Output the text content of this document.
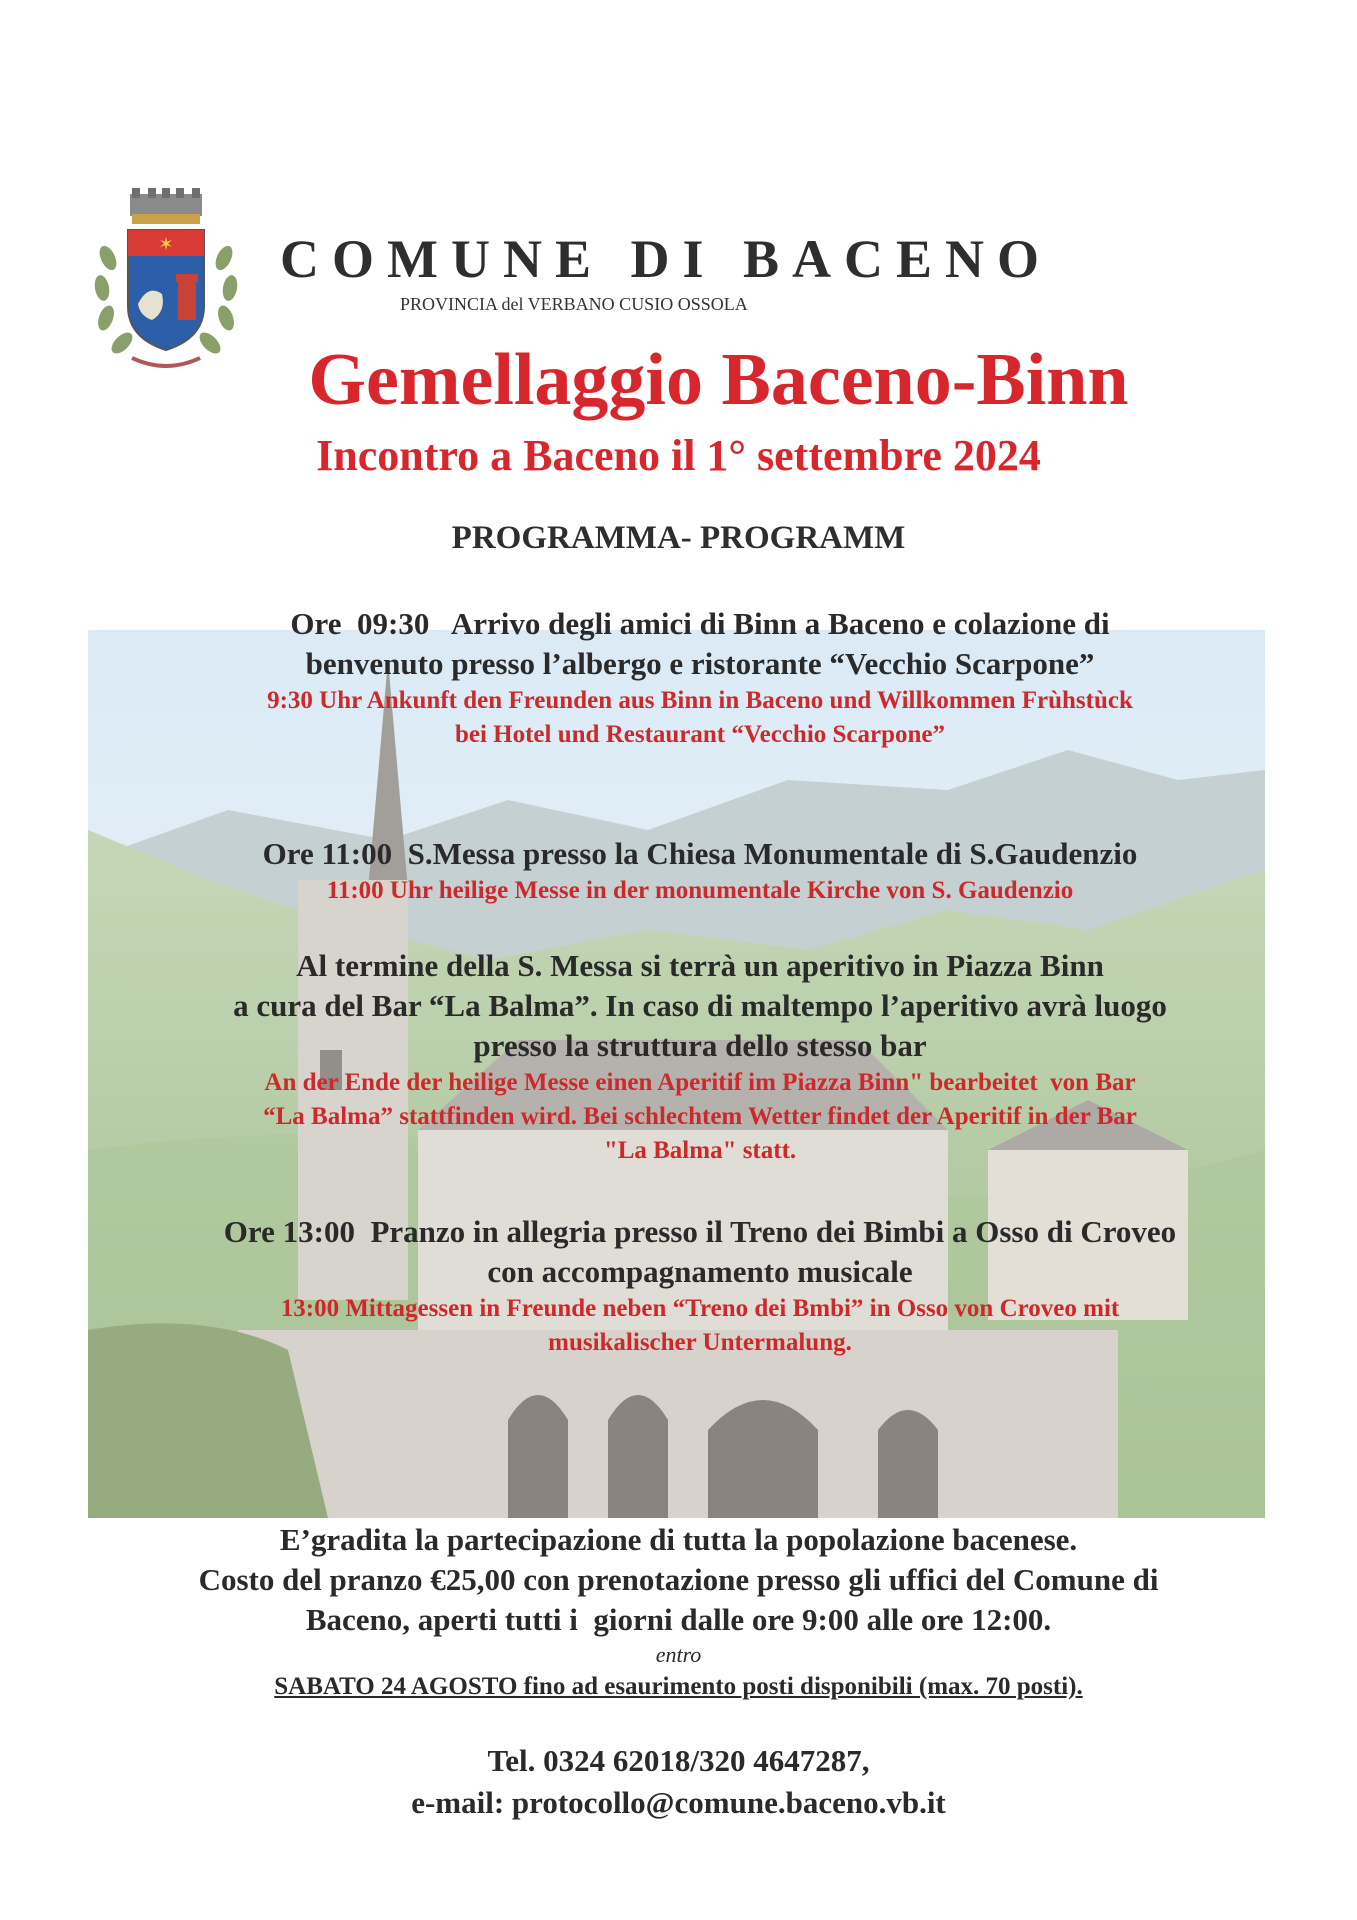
✶ COMUNE DI BACENO
PROVINCIA del VERBANO CUSIO OSSOLA
Gemellaggio Baceno-Binn
Incontro a Baceno il 1° settembre 2024
PROGRAMMA- PROGRAMM
Ore  09:30   Arrivo degli amici di Binn a Baceno e colazione di
benvenuto presso l’albergo e ristorante “Vecchio Scarpone”
9:30 Uhr Ankunft den Freunden aus Binn in Baceno und Willkommen Frùhstùck
bei Hotel und Restaurant “Vecchio Scarpone”
Ore 11:00  S.Messa presso la Chiesa Monumentale di S.Gaudenzio
11:00 Uhr heilige Messe in der monumentale Kirche von S. Gaudenzio
Al termine della S. Messa si terrà un aperitivo in Piazza Binn
a cura del Bar “La Balma”. In caso di maltempo l’aperitivo avrà luogo
presso la struttura dello stesso bar
An der Ende der heilige Messe einen Aperitif im Piazza Binn" bearbeitet  von Bar
“La Balma” stattfinden wird. Bei schlechtem Wetter findet der Aperitif in der Bar
"La Balma" statt.
Ore 13:00  Pranzo in allegria presso il Treno dei Bimbi a Osso di Croveo
con accompagnamento musicale
13:00 Mittagessen in Freunde neben “Treno dei Bmbi” in Osso von Croveo mit
musikalischer Untermalung.
E’gradita la partecipazione di tutta la popolazione bacenese.
Costo del pranzo €25,00 con prenotazione presso gli uffici del Comune di
Baceno, aperti tutti i  giorni dalle ore 9:00 alle ore 12:00.
entro
SABATO 24 AGOSTO fino ad esaurimento posti disponibili (max. 70 posti).
Tel. 0324 62018/320 4647287,
e-mail: protocollo@comune.baceno.vb.it
